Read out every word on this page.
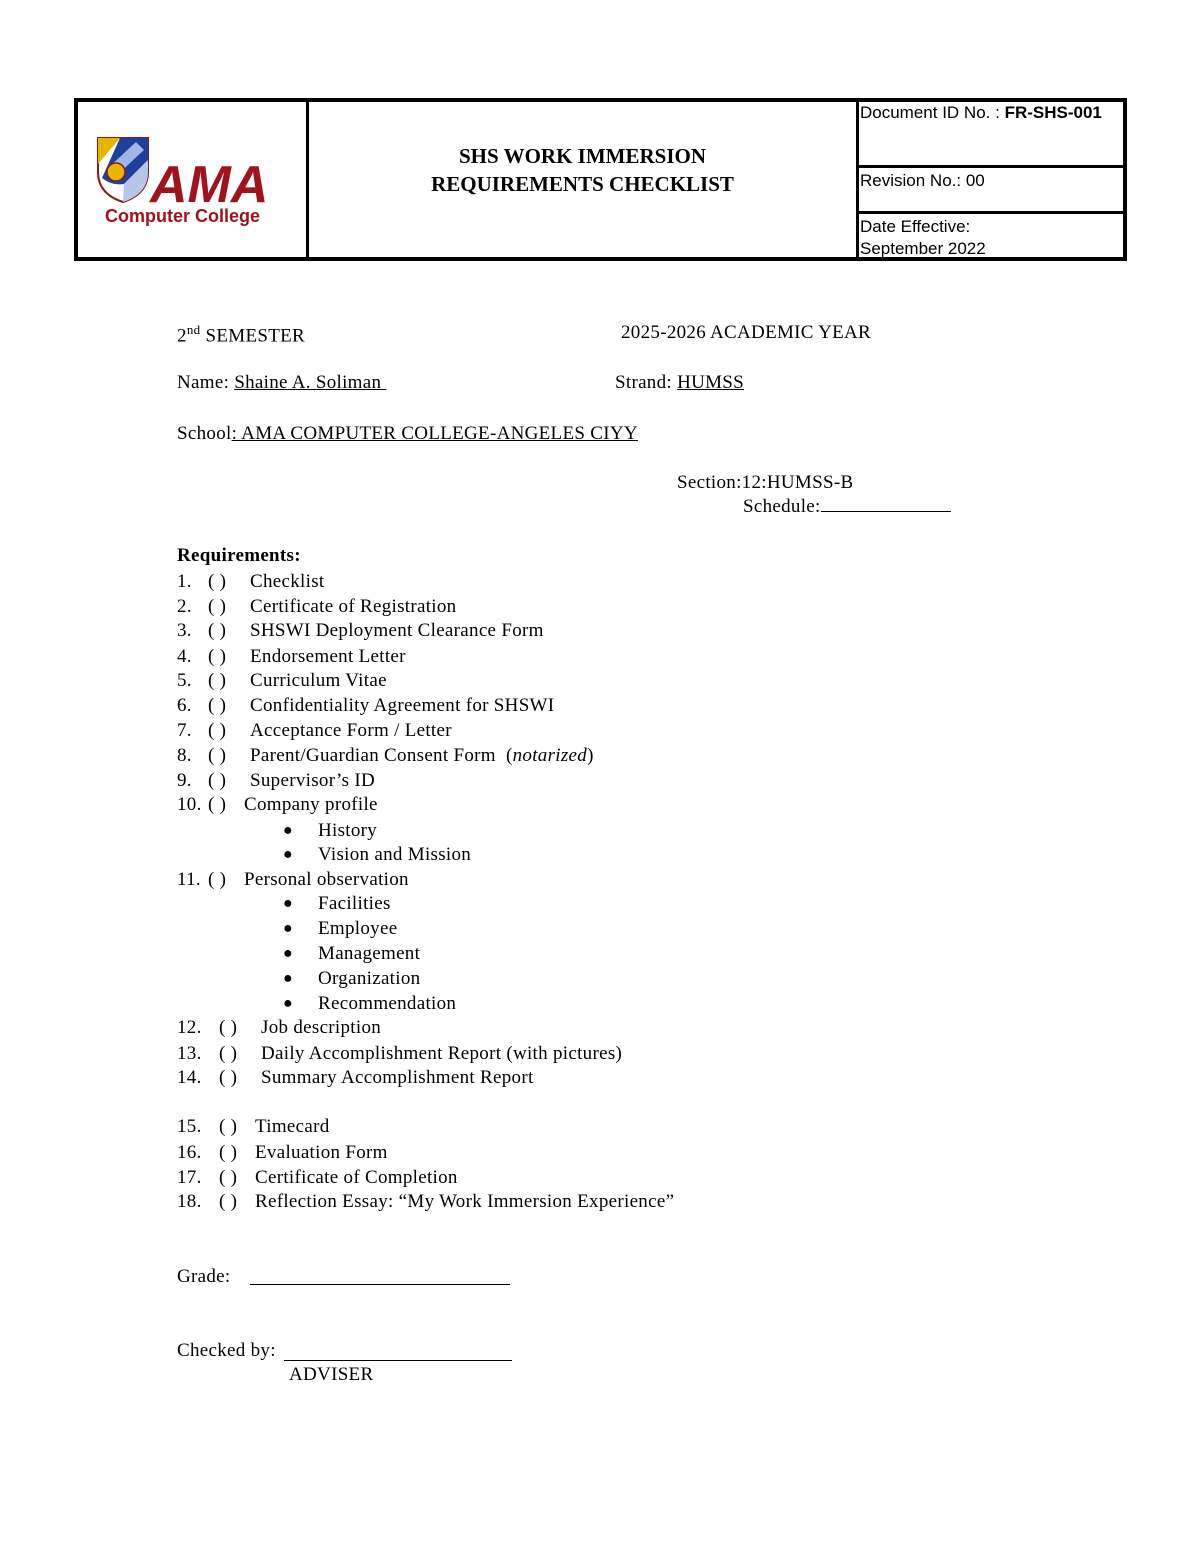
AMA
Computer College
SHS WORK IMMERSION
REQUIREMENTS CHECKLIST
Document ID No. : FR-SHS-001
Revision No.: 00
Date Effective:
September 2022
2nd SEMESTER	2025-2026 ACADEMIC YEAR
Name: Shaine A. Soliman	Strand: HUMSS
School: AMA COMPUTER COLLEGE-ANGELES CIYY
Section:12:HUMSS-B
Schedule:
Requirements:
1. ( ) Checklist
2. ( ) Certificate of Registration
3. ( ) SHSWI Deployment Clearance Form
4. ( ) Endorsement Letter
5. ( ) Curriculum Vitae
6. ( ) Confidentiality Agreement for SHSWI
7. ( ) Acceptance Form / Letter
8. ( ) Parent/Guardian Consent Form  (notarized)
9. ( ) Supervisor’s ID
10. ( ) Company profile
● History
● Vision and Mission
11. ( ) Personal observation
● Facilities
● Employee
● Management
● Organization
● Recommendation
12. ( ) Job description
13. ( ) Daily Accomplishment Report (with pictures)
14. ( ) Summary Accomplishment Report
15. ( ) Timecard
16. ( ) Evaluation Form
17. ( ) Certificate of Completion
18. ( ) Reflection Essay: “My Work Immersion Experience”
Grade:
Checked by:
ADVISER
